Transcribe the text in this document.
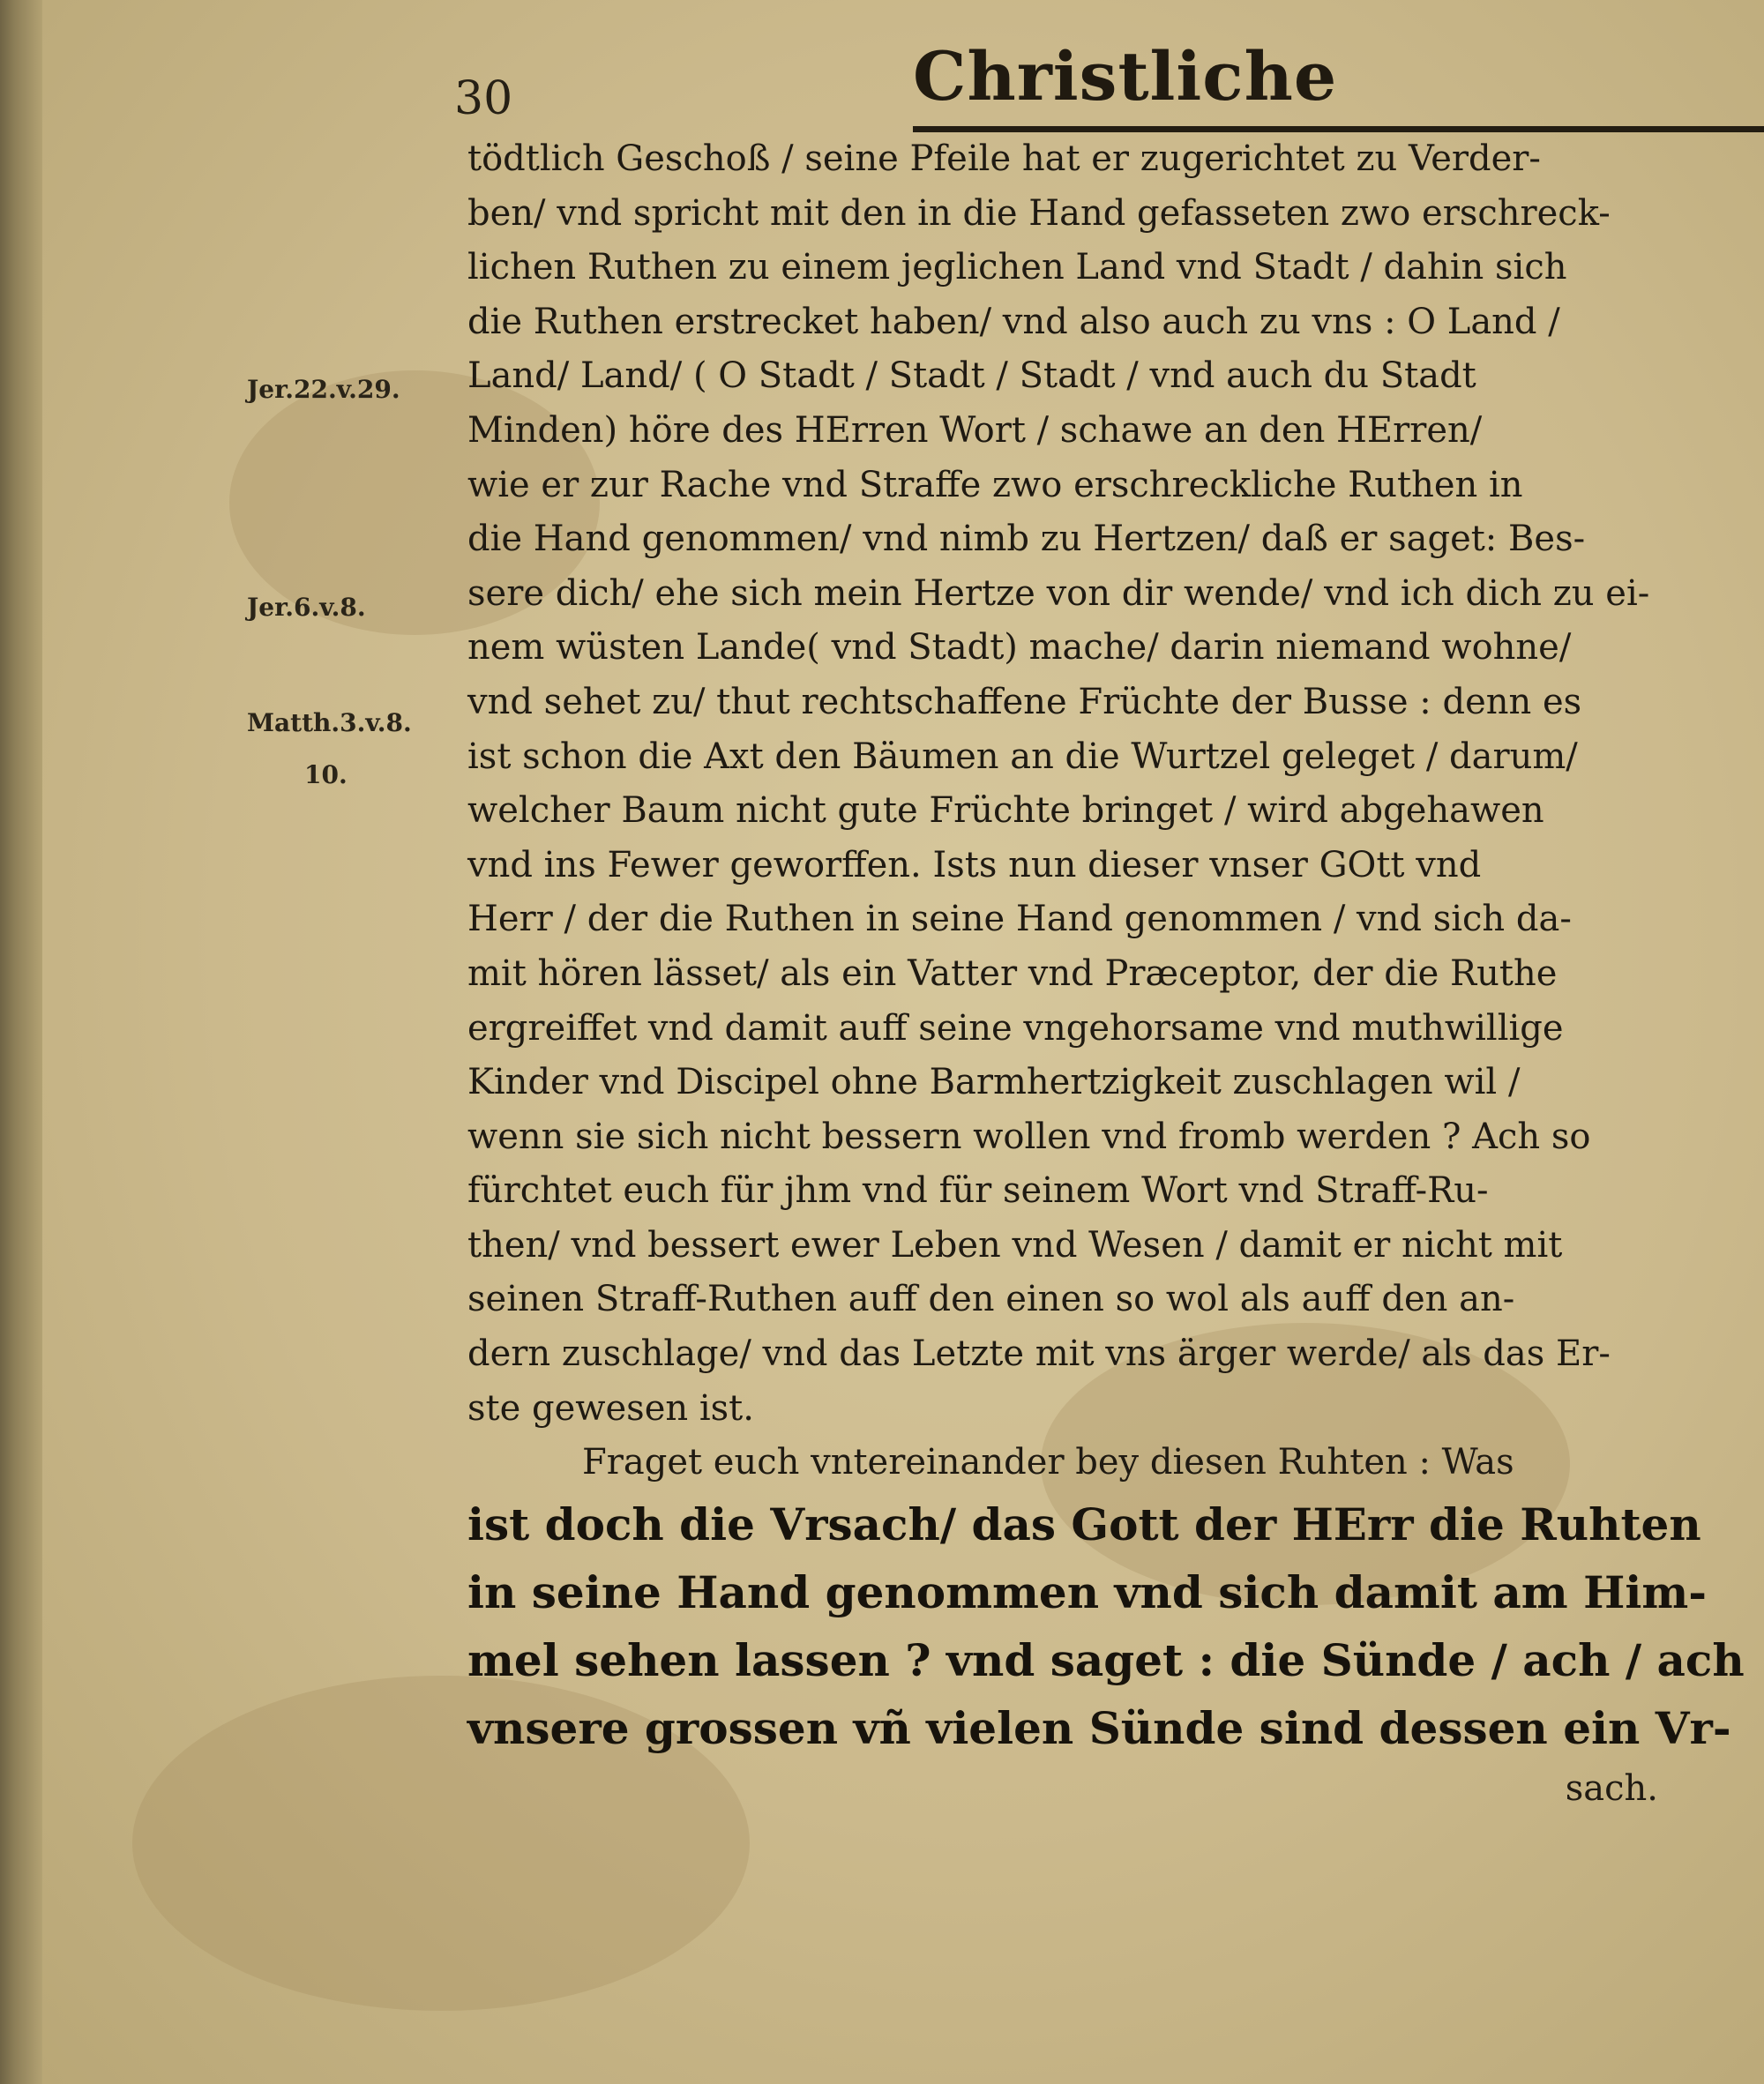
30	Christliche
Jer.22.v.29.
Jer.6.v.8.
Matth.3.v.8.
10.
tödtlich Geschoß / seine Pfeile hat er zugerichtet zu Verder-
ben/ vnd spricht mit den in die Hand gefasseten zwo erschreck-
lichen Ruthen zu einem jeglichen Land vnd Stadt / dahin sich
die Ruthen erstrecket haben/ vnd also auch zu vns : O Land /
Land/ Land/ ( O Stadt / Stadt / Stadt / vnd auch du Stadt
Minden) höre des HErren Wort / schawe an den HErren/
wie er zur Rache vnd Straffe zwo erschreckliche Ruthen in
die Hand genommen/ vnd nimb zu Hertzen/ daß er saget: Bes-
sere dich/ ehe sich mein Hertze von dir wende/ vnd ich dich zu ei-
nem wüsten Lande( vnd Stadt) mache/ darin niemand wohne/
vnd sehet zu/ thut rechtschaffene Früchte der Busse : denn es
ist schon die Axt den Bäumen an die Wurtzel geleget / darum/
welcher Baum nicht gute Früchte bringet / wird abgehawen
vnd ins Fewer geworffen. Ists nun dieser vnser GOtt vnd
Herr / der die Ruthen in seine Hand genommen / vnd sich da-
mit hören lässet/ als ein Vatter vnd Præceptor, der die Ruthe
ergreiffet vnd damit auff seine vngehorsame vnd muthwillige
Kinder vnd Discipel ohne Barmhertzigkeit zuschlagen wil /
wenn sie sich nicht bessern wollen vnd fromb werden ? Ach so
fürchtet euch für jhm vnd für seinem Wort vnd Straff-Ru-
then/ vnd bessert ewer Leben vnd Wesen / damit er nicht mit
seinen Straff-Ruthen auff den einen so wol als auff den an-
dern zuschlage/ vnd das Letzte mit vns ärger werde/ als das Er-
ste gewesen ist.
Fraget euch vntereinander bey diesen Ruhten : Was
ist doch die Vrsach/ das Gott der HErr die Ruhten
in seine Hand genommen vnd sich damit am Him-
mel sehen lassen ? vnd saget : die Sünde / ach / ach
vnsere grossen vñ vielen Sünde sind dessen ein Vr-
sach.
